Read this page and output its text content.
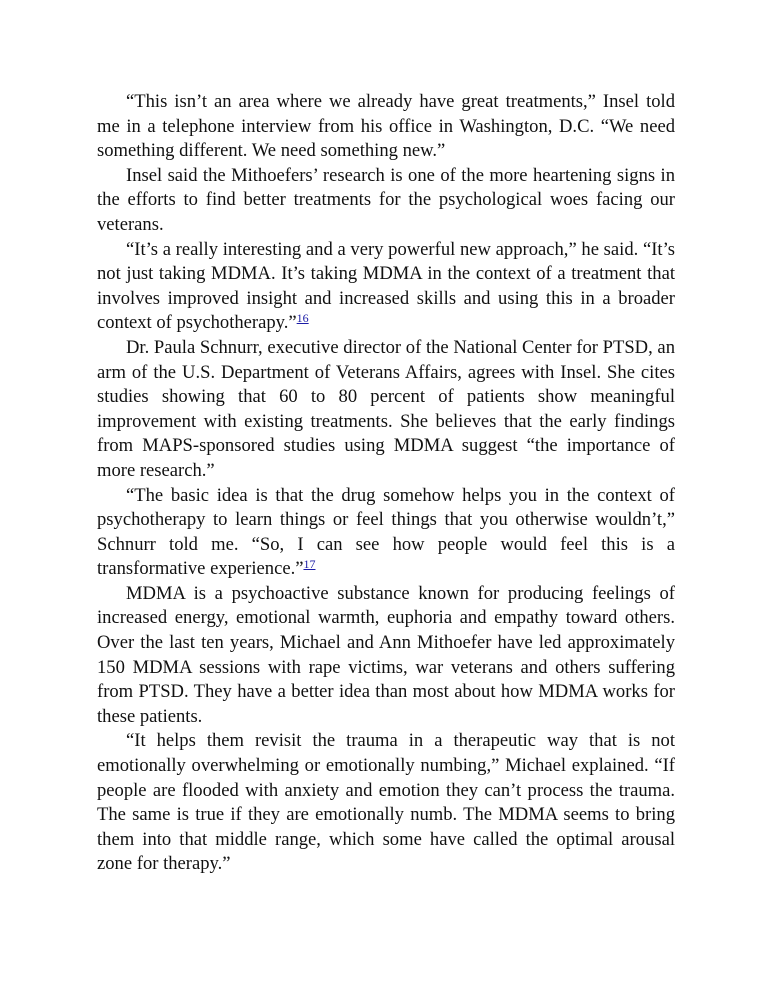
“This isn’t an area where we already have great treatments,” Insel told me in a telephone interview from his office in Washington, D.C. “We need something different. We need something new.”

Insel said the Mithoefers’ research is one of the more heartening signs in the efforts to find better treatments for the psychological woes facing our veterans.

“It’s a really interesting and a very powerful new approach,” he said. “It’s not just taking MDMA. It’s taking MDMA in the context of a treatment that involves improved insight and increased skills and using this in a broader context of psychotherapy.”$^{16}$

Dr. Paula Schnurr, executive director of the National Center for PTSD, an arm of the U.S. Department of Veterans Affairs, agrees with Insel. She cites studies showing that 60 to 80 percent of patients show meaningful improvement with existing treatments. She believes that the early findings from MAPS-sponsored studies using MDMA suggest “the importance of more research.”

“The basic idea is that the drug somehow helps you in the context of psychotherapy to learn things or feel things that you otherwise wouldn’t,” Schnurr told me. “So, I can see how people would feel this is a transformative experience.”$^{17}$

MDMA is a psychoactive substance known for producing feelings of increased energy, emotional warmth, euphoria and empathy toward others. Over the last ten years, Michael and Ann Mithoefer have led approximately 150 MDMA sessions with rape victims, war veterans and others suffering from PTSD. They have a better idea than most about how MDMA works for these patients.

“It helps them revisit the trauma in a therapeutic way that is not emotionally overwhelming or emotionally numbing,” Michael explained. “If people are flooded with anxiety and emotion they can’t process the trauma. The same is true if they are emotionally numb. The MDMA seems to bring them into that middle range, which some have called the optimal arousal zone for therapy.”
